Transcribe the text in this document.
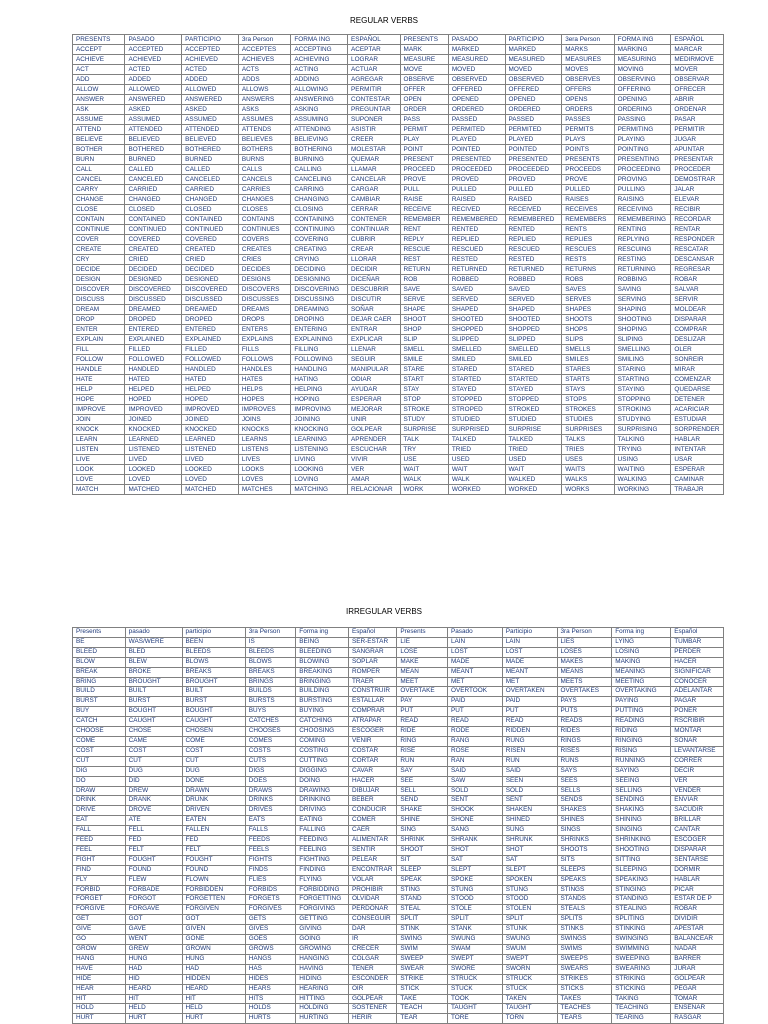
REGULAR VERBS
PRESENTS	PASADO	PARTICIPIO	3ra Person	FORMA ING	ESPAÑOL	PRESENTS	PASADO	PARTICIPIO	3era Person	FORMA ING	ESPAÑOL
ACCEPT	ACCEPTED	ACCEPTED	ACCEPTES	ACCEPTING	ACEPTAR	MARK	MARKED	MARKED	MARKS	MARKING	MARCAR
ACHIEVE	ACHIEVED	ACHIEVED	ACHIEVES	ACHIEVING	LOGRAR	MEASURE	MEASURED	MEASURED	MEASURES	MEASURING	MEDIRMOVE
ACT	ACTED	ACTED	ACTS	ACTING	ACTUAR	MOVE	MOVED	MOVED	MOVES	MOVING	MOVER
ADD	ADDED	ADDED	ADDS	ADDING	AGREGAR	OBSERVE	OBSERVED	OBSERVED	OBSERVES	OBSERVING	OBSERVAR
ALLOW	ALLOWED	ALLOWED	ALLOWS	ALLOWING	PERMITIR	OFFER	OFFERED	OFFERED	OFFERS	OFFERING	OFRECER
ANSWER	ANSWERED	ANSWERED	ANSWERS	ANSWERING	CONTESTAR	OPEN	OPENED	OPENED	OPENS	OPENING	ABRIR
ASK	ASKED	ASKED	ASKS	ASKING	PREGUNTAR	ORDER	ORDERED	ORDERED	ORDERS	ORDERING	ORDENAR
ASSUME	ASSUMED	ASSUMED	ASSUMES	ASSUMING	SUPONER	PASS	PASSED	PASSED	PASSES	PASSING	PASAR
ATTEND	ATTENDED	ATTENDED	ATTENDS	ATTENDING	ASISTIR	PERMIT	PERMITED	PERMITED	PERMITS	PERMITING	PERMITIR
BELIEVE	BELIEVED	BELIEVED	BELIEVES	BELIEVING	CREER	PLAY	PLAYED	PLAYED	PLAYS	PLAYING	JUGAR
BOTHER	BOTHERED	BOTHERED	BOTHERS	BOTHERING	MOLESTAR	POINT	POINTED	POINTED	POINTS	POINTING	APUNTAR
BURN	BURNED	BURNED	BURNS	BURNING	QUEMAR	PRESENT	PRESENTED	PRESENTED	PRESENTS	PRESENTING	PRESENTAR
CALL	CALLED	CALLED	CALLS	CALLING	LLAMAR	PROCEED	PROCEEDED	PROCEEDED	PROCEEDS	PROCEEDING	PROCEDER
CANCEL	CANCELED	CANCELED	CANCELS	CANCELING	CANCELAR	PROVE	PROVED	PROVED	PROVE	PROVING	DEMOSTRAR
CARRY	CARRIED	CARRIED	CARRIES	CARRING	CARGAR	PULL	PULLED	PULLED	PULLED	PULLING	JALAR
CHANGE	CHANGED	CHANGED	CHANGES	CHANGING	CAMBIAR	RAISE	RAISED	RAISED	RAISES	RAISING	ELEVAR
CLOSE	CLOSED	CLOSED	CLOSES	CLOSING	CERRAR	RECEIVE	RECIVED	RECEIVED	RECEIVES	RECEIVING	RECIBIR
CONTAIN	CONTAINED	CONTAINED	CONTAINS	CONTAINING	CONTENER	REMEMBER	REMEMBERED	REMEMBERED	REMEMBERS	REMEMBERING	RECORDAR
CONTINUE	CONTINUED	CONTINUED	CONTINUES	CONTINUING	CONTINUAR	RENT	RENTED	RENTED	RENTS	RENTING	RENTAR
COVER	COVERED	COVERED	COVERS	COVERING	CUBRIR	REPLY	REPLIED	REPLIED	REPLIES	REPLYING	RESPONDER
CREATE	CREATED	CREATED	CREATES	CREATING	CREAR	RESCUE	RESCUED	RESCUED	RESCUES	RESCUING	RESCATAR
CRY	CRIED	CRIED	CRIES	CRYING	LLORAR	REST	RESTED	RESTED	RESTS	RESTING	DESCANSAR
DECIDE	DECIDED	DECIDED	DECIDES	DECIDING	DECIDIR	RETURN	RETURNED	RETURNED	RETURNS	RETURNING	REGRESAR
DESIGN	DESIGNED	DESIGNED	DESIGNS	DESIGNING	DICEÑAR	ROB	ROBBED	ROBBED	ROBS	ROBBING	ROBAR
DISCOVER	DISCOVERED	DISCOVERED	DISCOVERS	DISCOVERING	DESCUBRIR	SAVE	SAVED	SAVED	SAVES	SAVING	SALVAR
DISCUSS	DISCUSSED	DISCUSSED	DISCUSSES	DISCUSSING	DISCUTIR	SERVE	SERVED	SERVED	SERVES	SERVING	SERVIR
DREAM	DREAMED	DREAMED	DREAMS	DREAMING	SOÑAR	SHAPE	SHAPED	SHAPED	SHAPES	SHAPING	MOLDEAR
DROP	DROPED	DROPED	DROPS	DROPING	DEJAR CAER	SHOOT	SHOOTED	SHOOTED	SHOOTS	SHOOTING	DISPARAR
ENTER	ENTERED	ENTERED	ENTERS	ENTERING	ENTRAR	SHOP	SHOPPED	SHOPPED	SHOPS	SHOPING	COMPRAR
EXPLAIN	EXPLAINED	EXPLAINED	EXPLAINS	EXPLAINING	EXPLICAR	SLIP	SLIPPED	SLIPPED	SLIPS	SLIPING	DESLIZAR
FILL	FILLED	FILLED	FILLS	FILLING	LLENAR	SMELL	SMELLED	SMELLED	SMELLS	SMELLING	OLER
FOLLOW	FOLLOWED	FOLLOWED	FOLLOWS	FOLLOWING	SEGUIR	SMILE	SMILED	SMILED	SMILES	SMILING	SONREIR
HANDLE	HANDLED	HANDLED	HANDLES	HANDLING	MANIPULAR	STARE	STARED	STARED	STARES	STARING	MIRAR
HATE	HATED	HATED	HATES	HATING	ODIAR	START	STARTED	STARTED	STARTS	STARTING	COMENZAR
HELP	HELPED	HELPED	HELPS	HELPING	AYUDAR	STAY	STAYED	STAYED	STAYS	STAYING	QUEDARSE
HOPE	HOPED	HOPED	HOPES	HOPING	ESPERAR	STOP	STOPPED	STOPPED	STOPS	STOPPING	DETENER
IMPROVE	IMPROVED	IMPROVED	IMPROVES	IMPROVING	MEJORAR	STROKE	STROPED	STROKED	STROKES	STROKING	ACARICIAR
JOIN	JOINED	JOINED	JOINS	JOINING	UNIR	STUDY	STUDIED	STUDIED	STUDIES	STUDYING	ESTUDIAR
KNOCK	KNOCKED	KNOCKED	KNOCKS	KNOCKING	GOLPEAR	SURPRISE	SURPRISED	SURPRISE	SURPRISES	SURPRISING	SORPRENDER
LEARN	LEARNED	LEARNED	LEARNS	LEARNING	APRENDER	TALK	TALKED	TALKED	TALKS	TALKING	HABLAR
LISTEN	LISTENED	LISTENED	LISTENS	LISTENING	ESCUCHAR	TRY	TRIED	TRIED	TRIES	TRYING	INTENTAR
LIVE	LIVED	LIVED	LIVES	LIVING	VIVIR	USE	USED	USED	USES	USING	USAR
LOOK	LOOKED	LOOKED	LOOKS	LOOKING	VER	WAIT	WAIT	WAIT	WAITS	WAITING	ESPERAR
LOVE	LOVED	LOVED	LOVES	LOVING	AMAR	WALK	WALK	WALKED	WALKS	WALKING	CAMINAR
MATCH	MATCHED	MATCHED	MATCHES	MATCHING	RELACIONAR	WORK	WORKED	WORKED	WORKS	WORKING	TRABAJR
IRREGULAR VERBS
Presents	pasado	participio	3ra Person	Forma ing	Español	Presents	Pasado	Participio	3ra Person	Forma ing	Español
BE	WAS/WERE	BEEN	IS	BEING	SER-ESTAR	LIE	LAIN	LAIN	LIES	LYING	TUMBAR
BLEED	BLED	BLEEDS	BLEEDS	BLEEDING	SANGRAR	LOSE	LOST	LOST	LOSES	LOSING	PERDER
BLOW	BLEW	BLOWS	BLOWS	BLOWING	SOPLAR	MAKE	MADE	MADE	MAKES	MAKING	HACER
BREAK	BROKE	BREAKS	BREAKS	BREAKING	ROMPER	MEAN	MEANT	MEANT	MEANS	MEANING	SIGNIFICAR
BRING	BROUGHT	BROUGHT	BRINGS	BRINGING	TRAER	MEET	MET	MET	MEETS	MEETING	CONOCER
BUILD	BUILT	BUILT	BUILDS	BUILDING	CONSTRUIR	OVERTAKE	OVERTOOK	OVERTAKEN	OVERTAKES	OVERTAKING	ADELANTAR
BURST	BURST	BURST	BURSTS	BURSTING	ESTALLAR	PAY	PAID	PAID	PAYS	PAYING	PAGAR
BUY	BOUGHT	BOUGHT	BUYS	BUYING	COMPRAR	PUT	PUT	PUT	PUTS	PUTTING	PONER
CATCH	CAUGHT	CAUGHT	CATCHES	CATCHING	ATRAPAR	READ	READ	READ	READS	READING	RSCRIBIR
CHOOSE	CHOSE	CHOSEN	CHOOSES	CHOOSING	ESCOGER	RIDE	RODE	RIDDEN	RIDES	RIDING	MONTAR
COME	CAME	COME	COMES	COMING	VENIR	RING	RANG	RUNG	RINGS	RINGING	SONAR
COST	COST	COST	COSTS	COSTING	COSTAR	RISE	ROSE	RISEN	RISES	RISING	LEVANTARSE
CUT	CUT	CUT	CUTS	CUTTING	CORTAR	RUN	RAN	RUN	RUNS	RUNNING	CORRER
DIG	DUG	DUG	DIGS	DIGGING	CAVAR	SAY	SAID	SAID	SAYS	SAYING	DECIR
DO	DID	DONE	DOES	DOING	HACER	SEE	SAW	SEEN	SEES	SEEING	VER
DRAW	DREW	DRAWN	DRAWS	DRAWING	DIBUJAR	SELL	SOLD	SOLD	SELLS	SELLING	VENDER
DRINK	DRANK	DRUNK	DRINKS	DRINKING	BEBER	SEND	SENT	SENT	SENDS	SENDING	ENVIAR
DRIVE	DROVE	DRIVEN	DRIVES	DRIVING	CONDUCIR	SHAKE	SHOOK	SHAKEN	SHAKES	SHAKING	SACUDIR
EAT	ATE	EATEN	EATS	EATING	COMER	SHINE	SHONE	SHINED	SHINES	SHINING	BRILLAR
FALL	FELL	FALLEN	FALLS	FALLING	CAER	SING	SANG	SUNG	SINGS	SINGING	CANTAR
FEED	FED	FED	FEEDS	FEEDING	ALIMENTAR	SHRINK	SHRANK	SHRUNK	SHRINKS	SHRINKING	ESCOGER
FEEL	FELT	FELT	FEELS	FEELING	SENTIR	SHOOT	SHOT	SHOT	SHOOTS	SHOOTING	DISPARAR
FIGHT	FOUGHT	FOUGHT	FIGHTS	FIGHTING	PELEAR	SIT	SAT	SAT	SITS	SITTING	SENTARSE
FIND	FOUND	FOUND	FINDS	FINDING	ENCONTRAR	SLEEP	SLEPT	SLEPT	SLEEPS	SLEEPING	DORMIR
FLY	FLEW	FLOWN	FLIES	FLYING	VOLAR	SPEAK	SPOKE	SPOKEN	SPEAKS	SPEAKING	HABLAR
FORBID	FORBADE	FORBIDDEN	FORBIDS	FORBIDDING	PROHIBIR	STING	STUNG	STUNG	STINGS	STINGING	PICAR
FORGET	FORGOT	FORGETTEN	FORGETS	FORGETTING	OLVIDAR	STAND	STOOD	STOOD	STANDS	STANDING	ESTAR DE P
FORGIVE	FORGAVE	FORGIVEN	FORGIVES	FORGIVING	PERDONAR	STEAL	STOLE	STOLEN	STEALS	STEALING	ROBAR
GET	GOT	GOT	GETS	GETTING	CONSEGUIR	SPLIT	SPLIT	SPLIT	SPLITS	SPLITING	DIVIDIR
GIVE	GAVE	GIVEN	GIVES	GIVING	DAR	STINK	STANK	STUNK	STINKS	STINKING	APESTAR
GO	WENT	GONE	GOES	GOING	IR	SWING	SWUNG	SWUNG	SWINGS	SWINGING	BALANCEAR
GROW	GREW	GROWN	GROWS	GROWING	CRECER	SWIM	SWAM	SWUM	SWIMS	SWIMMING	NADAR
HANG	HUNG	HUNG	HANGS	HANGING	COLGAR	SWEEP	SWEPT	SWEPT	SWEEPS	SWEEPING	BARRER
HAVE	HAD	HAD	HAS	HAVING	TENER	SWEAR	SWORE	SWORN	SWEARS	SWEARING	JURAR
HIDE	HID	HIDDEN	HIDES	HIDING	ESCONDER	STRIKE	STRUCK	STRUCK	STRIKES	STRIKING	GOLPEAR
HEAR	HEARD	HEARD	HEARS	HEARING	OIR	STICK	STUCK	STUCK	STICKS	STICKING	PEGAR
HIT	HIT	HIT	HITS	HITTING	GOLPEAR	TAKE	TOOK	TAKEN	TAKES	TAKING	TOMAR
HOLD	HELD	HELD	HOLDS	HOLDING	SOSTENER	TEACH	TAUGHT	TAUGHT	TEACHES	TEACHING	ENSEÑAR
HURT	HURT	HURT	HURTS	HURTING	HERIR	TEAR	TORE	TORN	TEARS	TEARING	RASGAR
